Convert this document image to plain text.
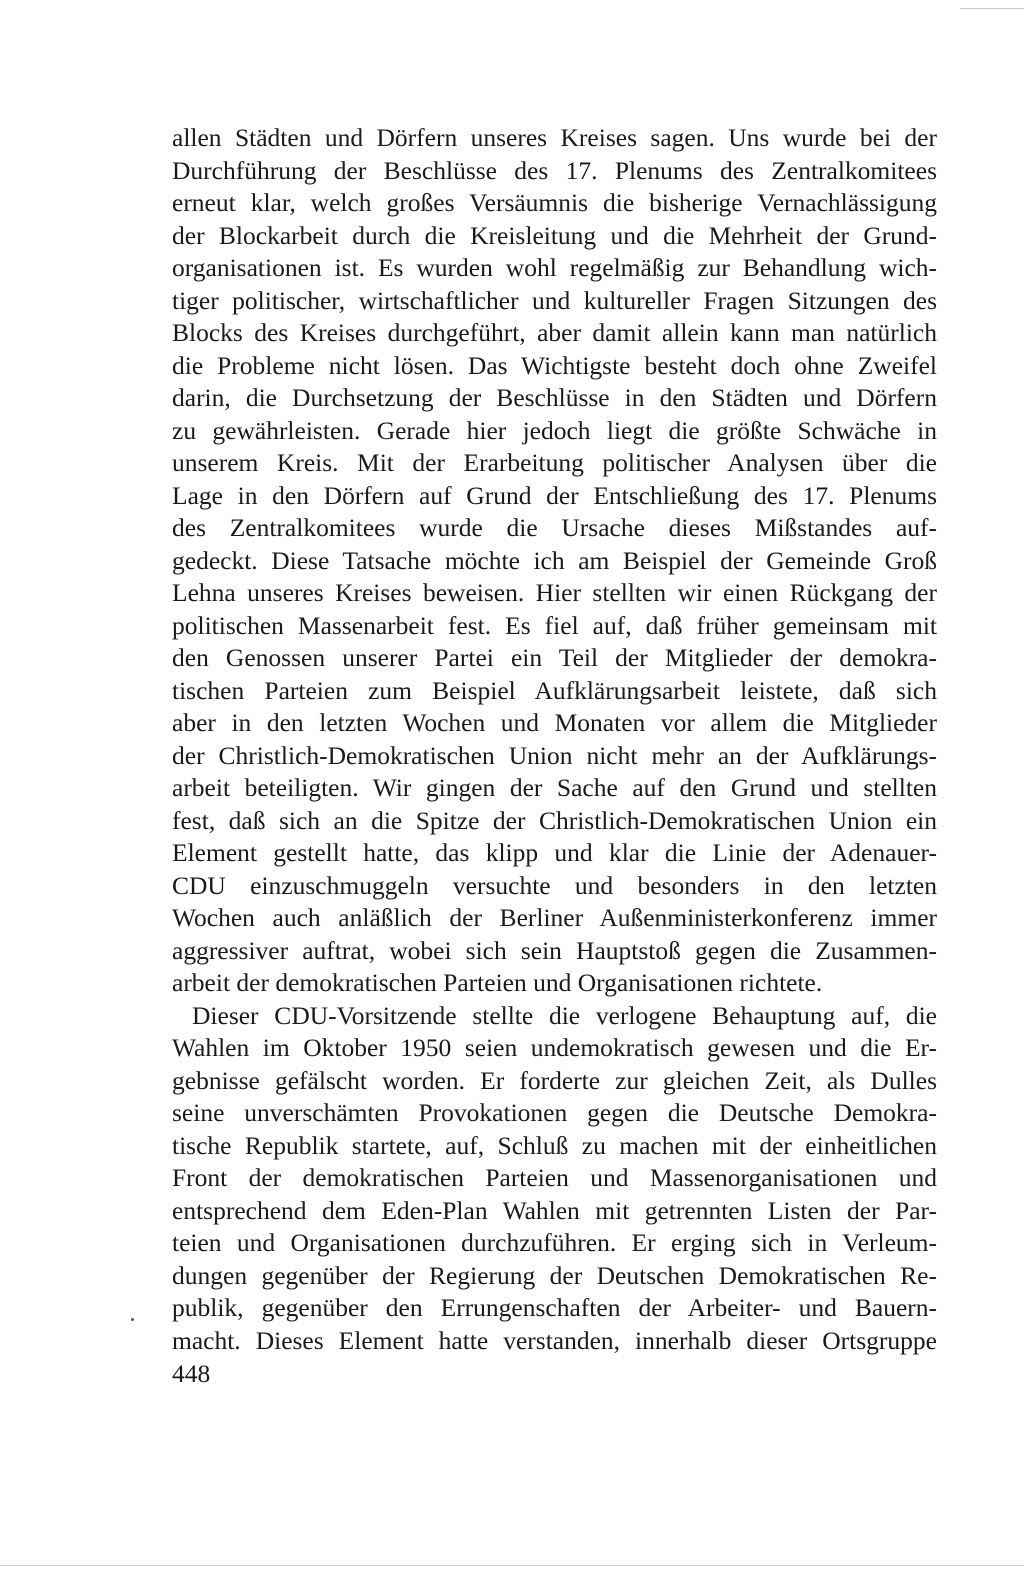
allen Städten und Dörfern unseres Kreises sagen. Uns wurde bei der
Durchführung der Beschlüsse des 17. Plenums des Zentralkomitees
erneut klar, welch großes Versäumnis die bisherige Vernachlässigung
der Blockarbeit durch die Kreisleitung und die Mehrheit der Grund-
organisationen ist. Es wurden wohl regelmäßig zur Behandlung wich-
tiger politischer, wirtschaftlicher und kultureller Fragen Sitzungen des
Blocks des Kreises durchgeführt, aber damit allein kann man natürlich
die Probleme nicht lösen. Das Wichtigste besteht doch ohne Zweifel
darin, die Durchsetzung der Beschlüsse in den Städten und Dörfern
zu gewährleisten. Gerade hier jedoch liegt die größte Schwäche in
unserem Kreis. Mit der Erarbeitung politischer Analysen über die
Lage in den Dörfern auf Grund der Entschließung des 17. Plenums
des Zentralkomitees wurde die Ursache dieses Mißstandes auf-
gedeckt. Diese Tatsache möchte ich am Beispiel der Gemeinde Groß
Lehna unseres Kreises beweisen. Hier stellten wir einen Rückgang der
politischen Massenarbeit fest. Es fiel auf, daß früher gemeinsam mit
den Genossen unserer Partei ein Teil der Mitglieder der demokra-
tischen Parteien zum Beispiel Aufklärungsarbeit leistete, daß sich
aber in den letzten Wochen und Monaten vor allem die Mitglieder
der Christlich-Demokratischen Union nicht mehr an der Aufklärungs-
arbeit beteiligten. Wir gingen der Sache auf den Grund und stellten
fest, daß sich an die Spitze der Christlich-Demokratischen Union ein
Element gestellt hatte, das klipp und klar die Linie der Adenauer-
CDU einzuschmuggeln versuchte und besonders in den letzten
Wochen auch anläßlich der Berliner Außenministerkonferenz immer
aggressiver auftrat, wobei sich sein Hauptstoß gegen die Zusammen-
arbeit der demokratischen Parteien und Organisationen richtete.
Dieser CDU-Vorsitzende stellte die verlogene Behauptung auf, die
Wahlen im Oktober 1950 seien undemokratisch gewesen und die Er-
gebnisse gefälscht worden. Er forderte zur gleichen Zeit, als Dulles
seine unverschämten Provokationen gegen die Deutsche Demokra-
tische Republik startete, auf, Schluß zu machen mit der einheitlichen
Front der demokratischen Parteien und Massenorganisationen und
entsprechend dem Eden-Plan Wahlen mit getrennten Listen der Par-
teien und Organisationen durchzuführen. Er erging sich in Verleum-
dungen gegenüber der Regierung der Deutschen Demokratischen Re-
publik, gegenüber den Errungenschaften der Arbeiter- und Bauern-
macht. Dieses Element hatte verstanden, innerhalb dieser Ortsgruppe
448
